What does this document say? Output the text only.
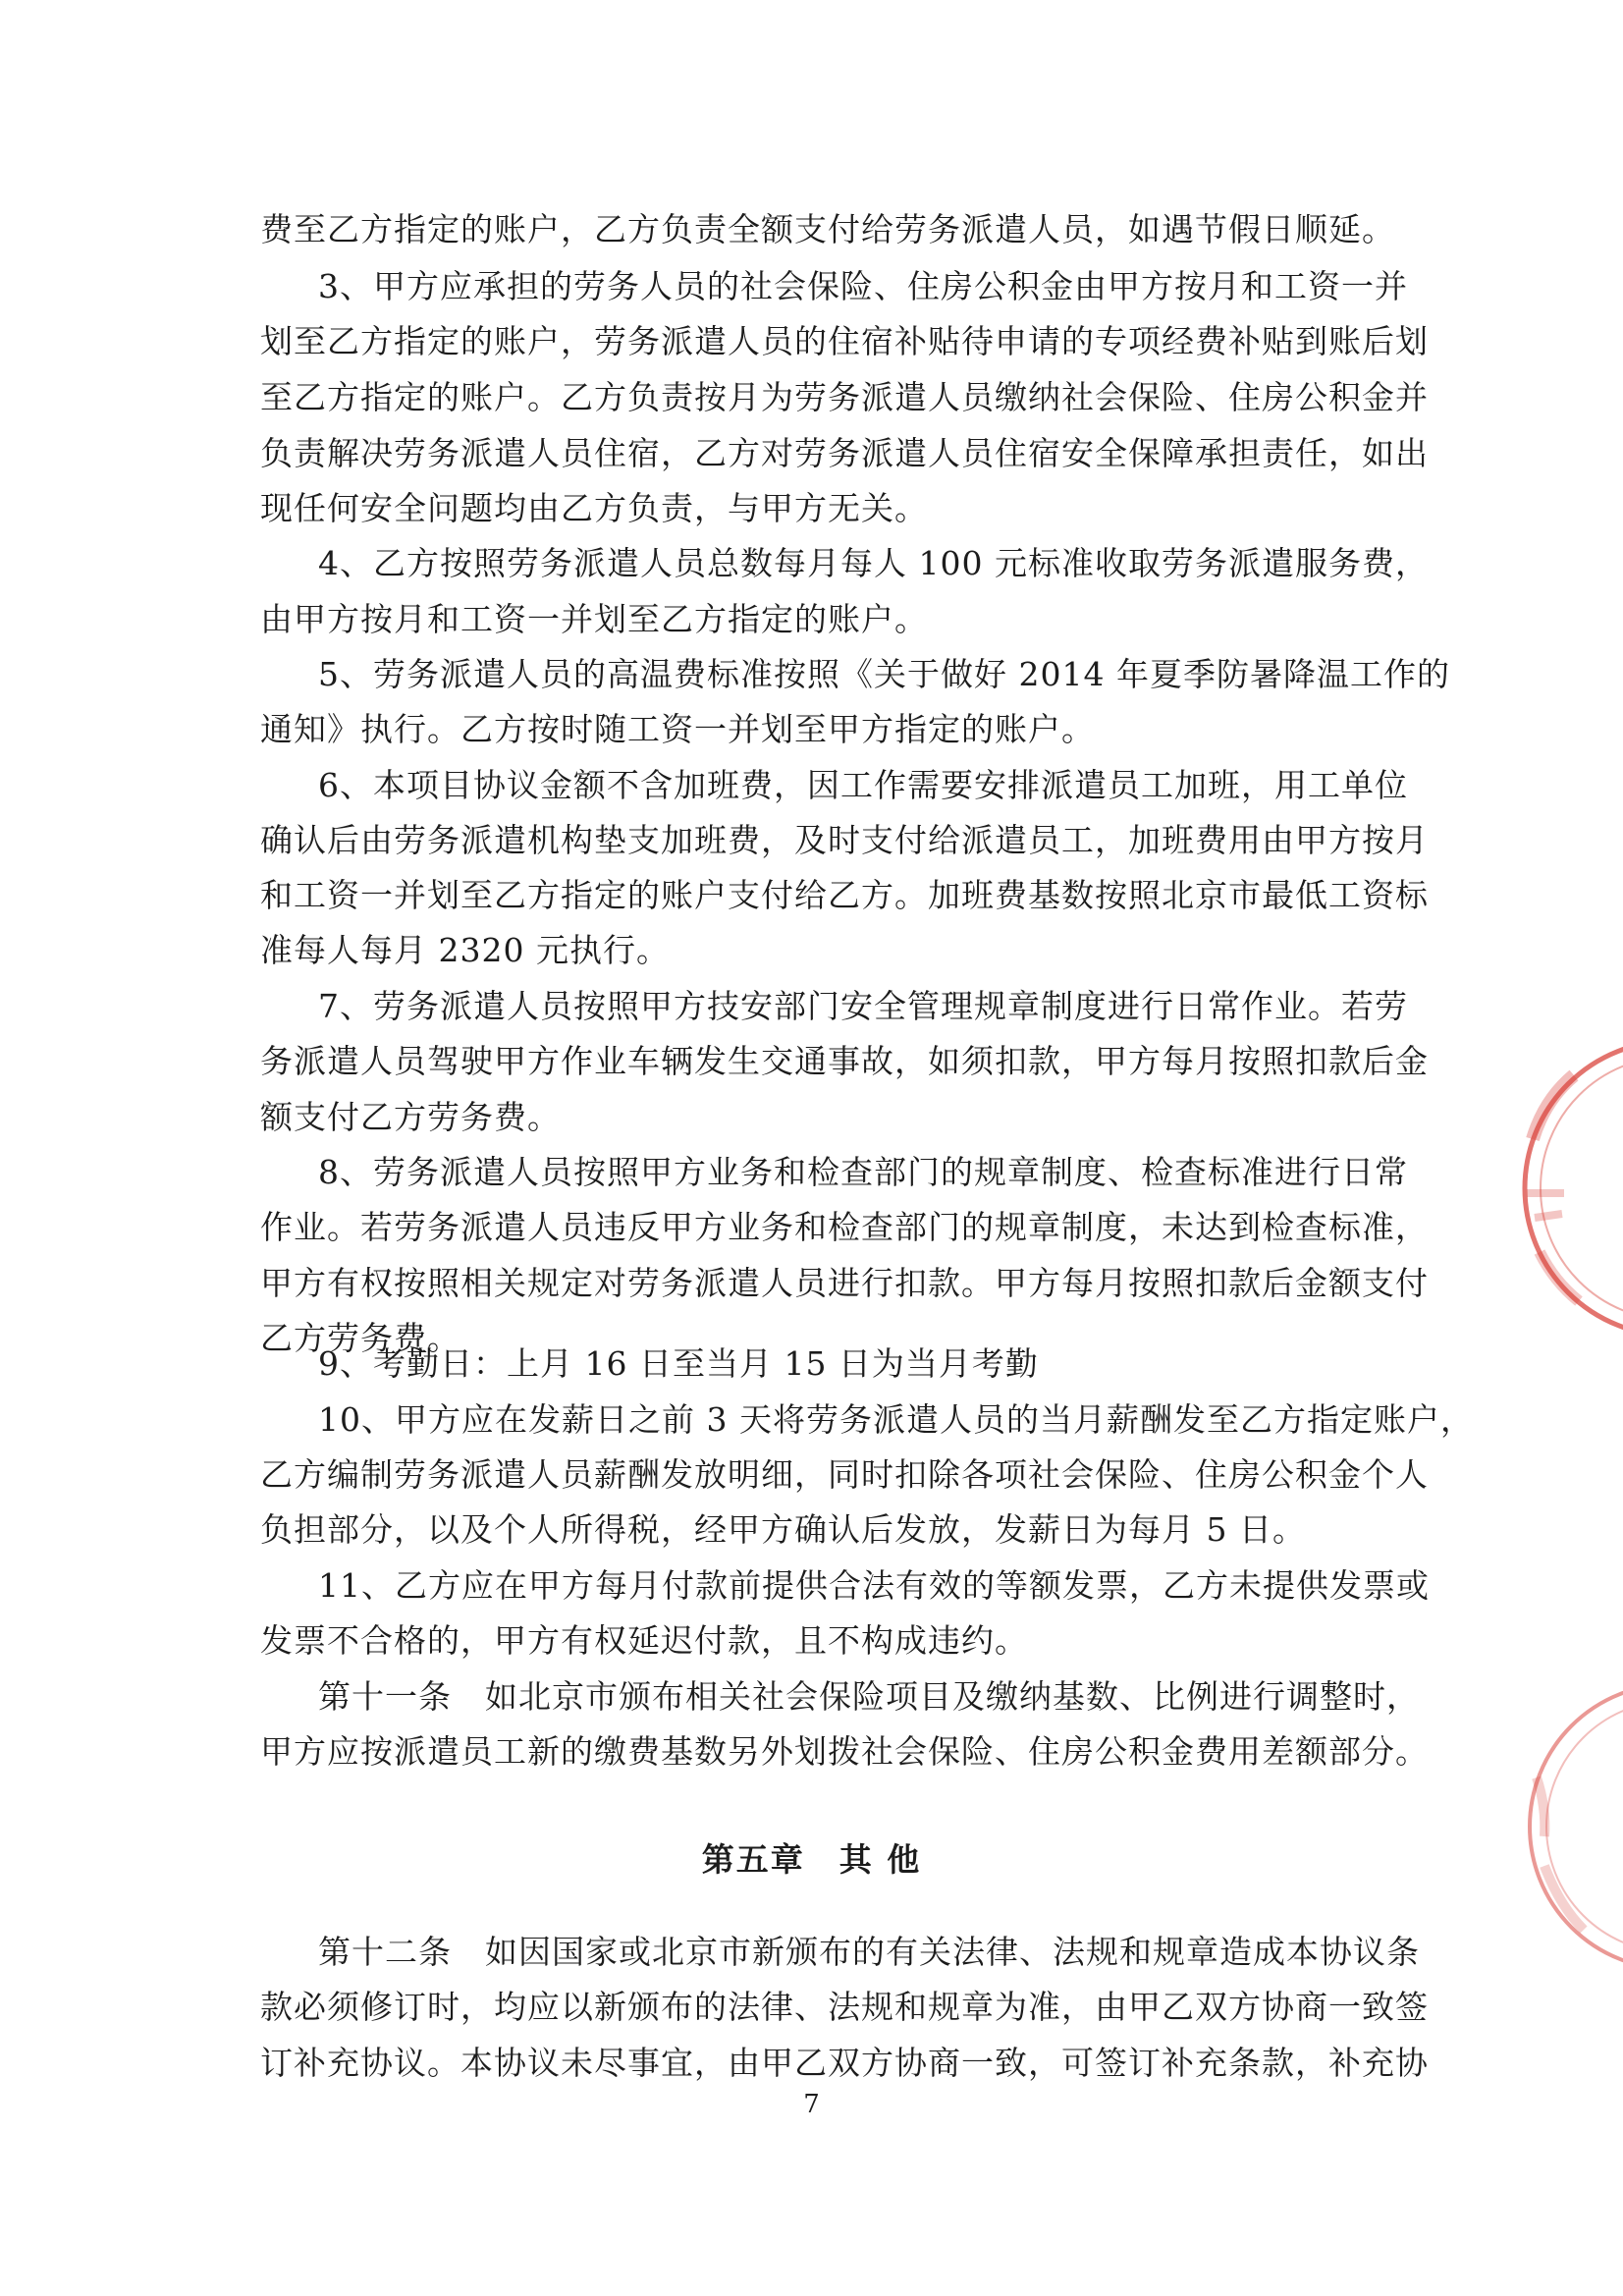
费至乙方指定的账户，乙方负责全额支付给劳务派遣人员，如遇节假日顺延。
3、甲方应承担的劳务人员的社会保险、住房公积金由甲方按月和工资一并
划至乙方指定的账户，劳务派遣人员的住宿补贴待申请的专项经费补贴到账后划
至乙方指定的账户。乙方负责按月为劳务派遣人员缴纳社会保险、住房公积金并
负责解决劳务派遣人员住宿，乙方对劳务派遣人员住宿安全保障承担责任，如出
现任何安全问题均由乙方负责，与甲方无关。
4、乙方按照劳务派遣人员总数每月每人 100 元标准收取劳务派遣服务费，
由甲方按月和工资一并划至乙方指定的账户。
5、劳务派遣人员的高温费标准按照《关于做好 2014 年夏季防暑降温工作的
通知》执行。乙方按时随工资一并划至甲方指定的账户。
6、本项目协议金额不含加班费，因工作需要安排派遣员工加班，用工单位
确认后由劳务派遣机构垫支加班费，及时支付给派遣员工，加班费用由甲方按月
和工资一并划至乙方指定的账户支付给乙方。加班费基数按照北京市最低工资标
准每人每月 2320 元执行。
7、劳务派遣人员按照甲方技安部门安全管理规章制度进行日常作业。若劳
务派遣人员驾驶甲方作业车辆发生交通事故，如须扣款，甲方每月按照扣款后金
额支付乙方劳务费。
8、劳务派遣人员按照甲方业务和检查部门的规章制度、检查标准进行日常
作业。若劳务派遣人员违反甲方业务和检查部门的规章制度，未达到检查标准，
甲方有权按照相关规定对劳务派遣人员进行扣款。甲方每月按照扣款后金额支付
乙方劳务费。
9、考勤日：上月 16 日至当月 15 日为当月考勤
10、甲方应在发薪日之前 3 天将劳务派遣人员的当月薪酬发至乙方指定账户，
乙方编制劳务派遣人员薪酬发放明细，同时扣除各项社会保险、住房公积金个人
负担部分，以及个人所得税，经甲方确认后发放，发薪日为每月 5 日。
11、乙方应在甲方每月付款前提供合法有效的等额发票，乙方未提供发票或
发票不合格的，甲方有权延迟付款，且不构成违约。
第十一条　如北京市颁布相关社会保险项目及缴纳基数、比例进行调整时，
甲方应按派遣员工新的缴费基数另外划拨社会保险、住房公积金费用差额部分。
第五章　其 他
第十二条　如因国家或北京市新颁布的有关法律、法规和规章造成本协议条
款必须修订时，均应以新颁布的法律、法规和规章为准，由甲乙双方协商一致签
订补充协议。本协议未尽事宜，由甲乙双方协商一致，可签订补充条款，补充协
7
